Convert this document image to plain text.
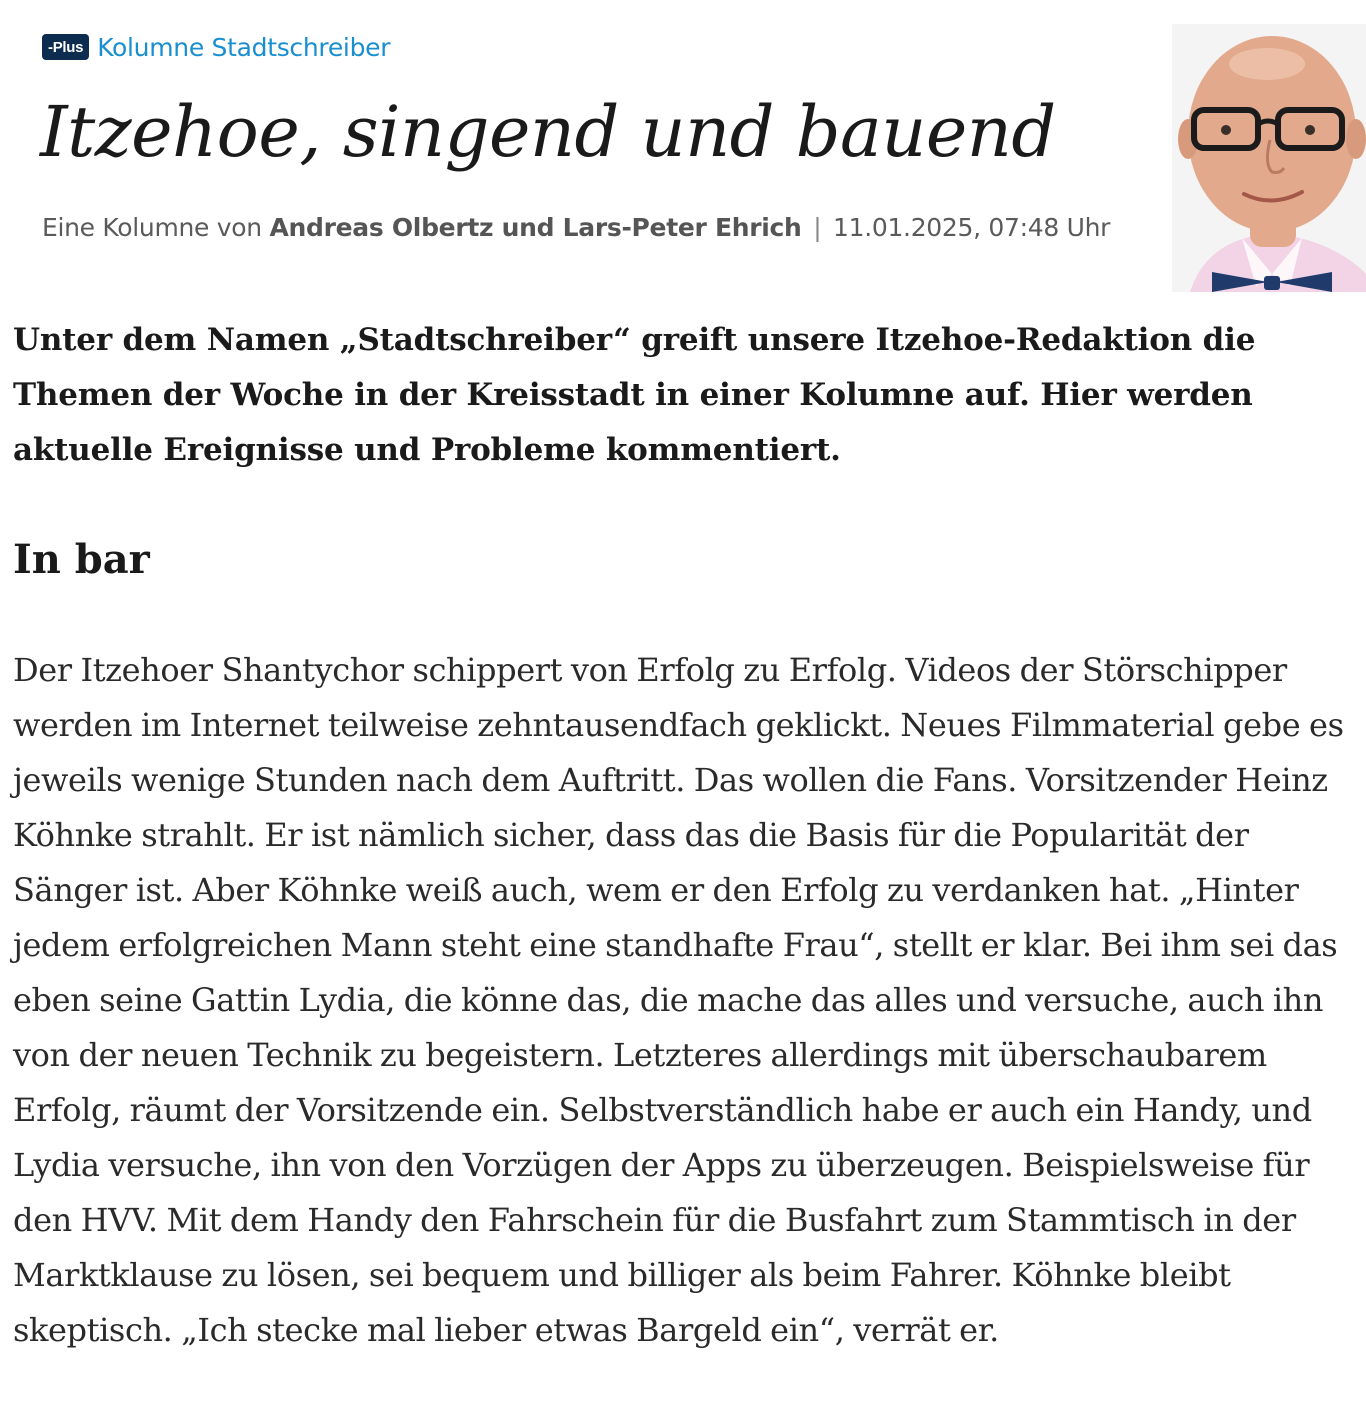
- Plus Kolumne Stadtschreiber
Itzehoe, singend und bauend
Eine Kolumne von Andreas Olbertz und Lars-Peter Ehrich | 11.01.2025, 07:48 Uhr

Unter dem Namen „Stadtschreiber“ greift unsere Itzehoe-Redaktion die Themen der Woche in der Kreisstadt in einer Kolumne auf. Hier werden aktuelle Ereignisse und Probleme kommentiert.

In bar

Der Itzehoer Shantychor schippert von Erfolg zu Erfolg. Videos der Störschipper werden im Internet teilweise zehntausendfach geklickt. Neues Filmmaterial gebe es jeweils wenige Stunden nach dem Auftritt. Das wollen die Fans. Vorsitzender Heinz Köhnke strahlt. Er ist nämlich sicher, dass das die Basis für die Popularität der Sänger ist. Aber Köhnke weiß auch, wem er den Erfolg zu verdanken hat. „Hinter jedem erfolgreichen Mann steht eine standhafte Frau“, stellt er klar. Bei ihm sei das eben seine Gattin Lydia, die könne das, die mache das alles und versuche, auch ihn von der neuen Technik zu begeistern. Letzteres allerdings mit überschaubarem Erfolg, räumt der Vorsitzende ein. Selbstverständlich habe er auch ein Handy, und Lydia versuche, ihn von den Vorzügen der Apps zu überzeugen. Beispielsweise für den HVV. Mit dem Handy den Fahrschein für die Busfahrt zum Stammtisch in der Marktklause zu lösen, sei bequem und billiger als beim Fahrer. Köhnke bleibt skeptisch. „Ich stecke mal lieber etwas Bargeld ein“, verrät er.
